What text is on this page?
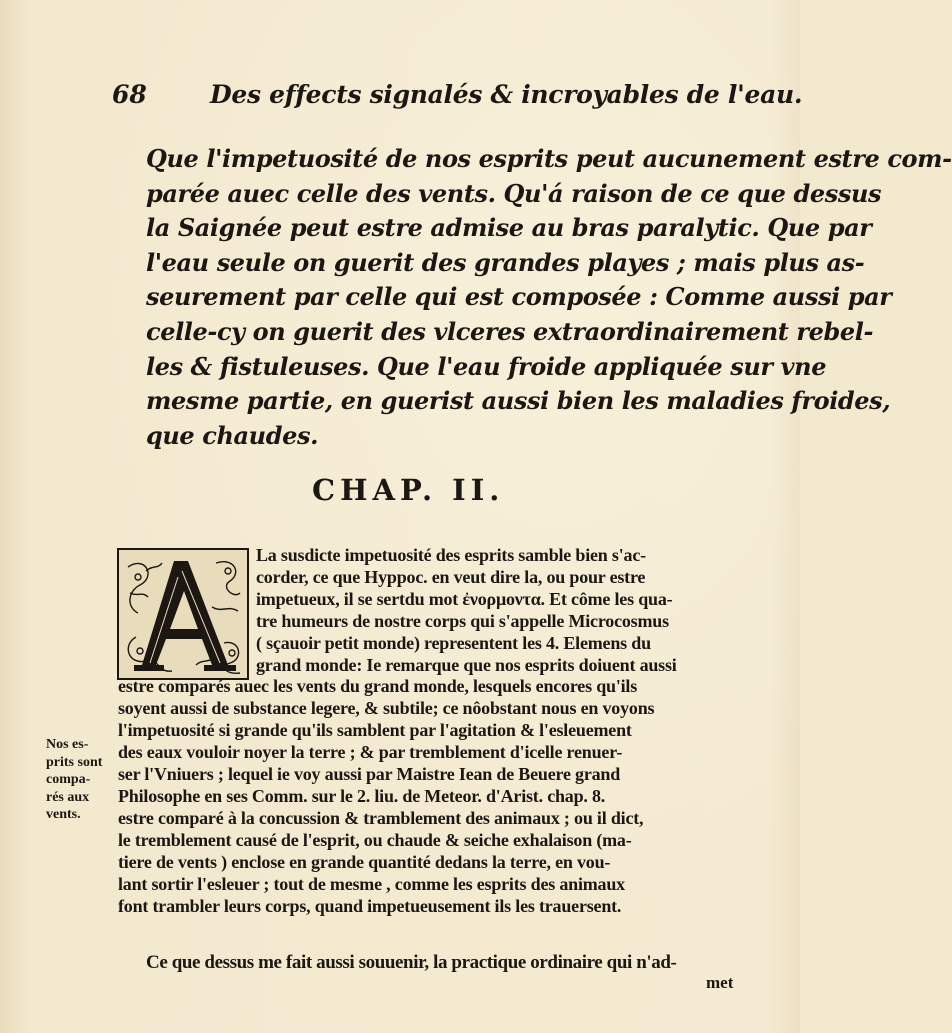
68	Des effects signalés & incroyables de l'eau.

Que l'impetuosité de nos esprits peut aucunement estre com-
parée auec celle des vents. Qu'á raison de ce que dessus
la Saignée peut estre admise au bras paralytic. Que par
l'eau seule on guerit des grandes playes ; mais plus as-
seurement par celle qui est composée : Comme aussi par
celle-cy on guerit des vlceres extraordinairement rebel-
les & fistuleuses. Que l'eau froide appliquée sur vne
mesme partie, en guerist aussi bien les maladies froides,
que chaudes.

CHAP. II.
La susdicte impetuosité des esprits samble bien s'ac-
corder, ce que Hyppoc. en veut dire la, ou pour estre
impetueux, il se sertdu mot ἐνορμοντα. Et côme les qua-
tre humeurs de nostre corps qui s'appelle Microcosmus
( sçauoir petit monde) representent les 4. Elemens du
grand monde: Ie remarque que nos esprits doiuent aussi
estre comparés auec les vents du grand monde, lesquels encores qu'ils
soyent aussi de substance legere, & subtile; ce nôobstant nous en voyons
l'impetuosité si grande qu'ils samblent par l'agitation & l'esleuement
des eaux vouloir noyer la terre ; & par tremblement d'icelle renuer-
ser l'Vniuers ; lequel ie voy aussi par Maistre Iean de Beuere grand
Philosophe en ses Comm. sur le 2. liu. de Meteor. d'Arist. chap. 8.
estre comparé à la concussion & tramblement des animaux ; ou il dict,
le tremblement causé de l'esprit, ou chaude & seiche exhalaison (ma-
tiere de vents ) enclose en grande quantité dedans la terre, en vou-
lant sortir l'esleuer ; tout de mesme , comme les esprits des animaux
font trambler leurs corps, quand impetueusement ils les trauersent.
Nos es-
prits sont
compa-
rés aux
vents.
Ce que dessus me fait aussi souuenir, la practique ordinaire qui n'ad-
met
